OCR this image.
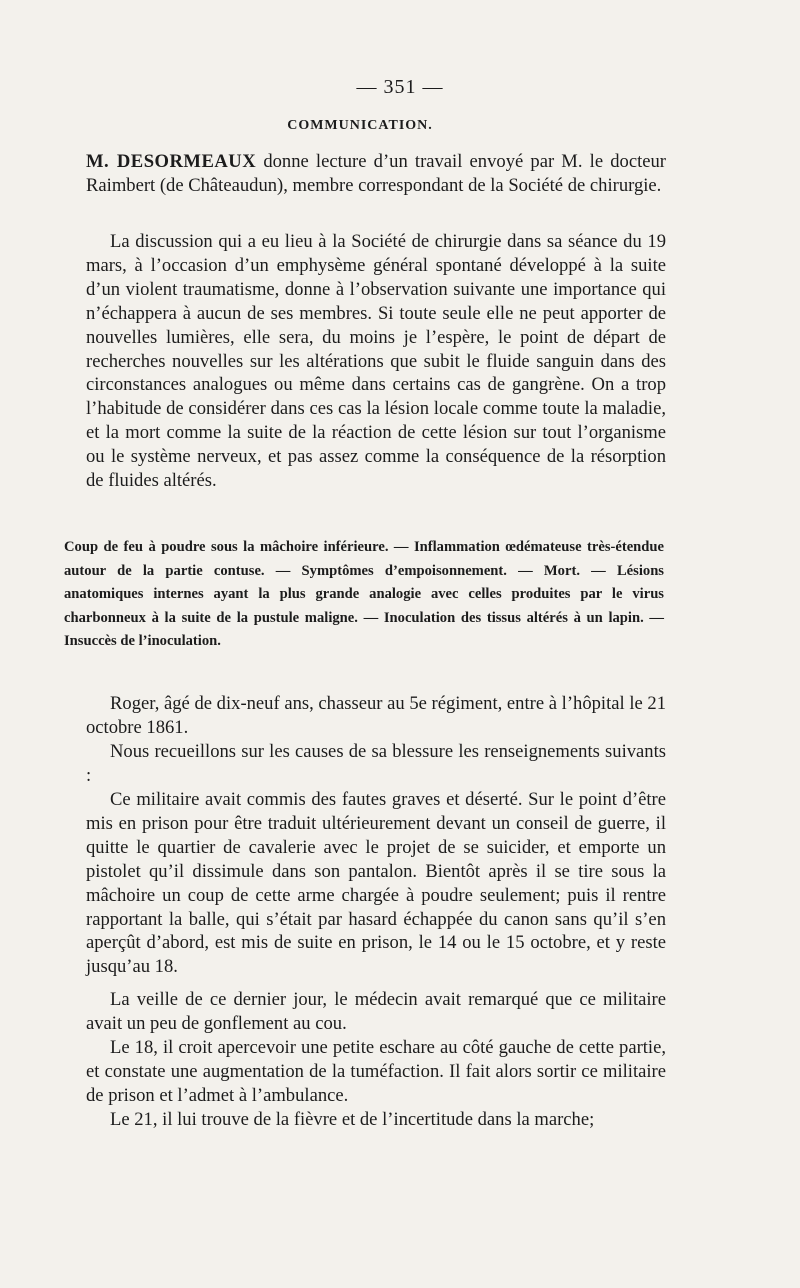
— 351 —
COMMUNICATION.
M. DESORMEAUX donne lecture d’un travail envoyé par M. le docteur Raimbert (de Châteaudun), membre correspondant de la Société de chirurgie.
La discussion qui a eu lieu à la Société de chirurgie dans sa séance du 19 mars, à l’occasion d’un emphysème général spontané développé à la suite d’un violent traumatisme, donne à l’observation suivante une importance qui n’échappera à aucun de ses membres. Si toute seule elle ne peut apporter de nouvelles lumières, elle sera, du moins je l’espère, le point de départ de recherches nouvelles sur les altérations que subit le fluide sanguin dans des circonstances analogues ou même dans certains cas de gangrène. On a trop l’habitude de considérer dans ces cas la lésion locale comme toute la maladie, et la mort comme la suite de la réaction de cette lésion sur tout l’organisme ou le système nerveux, et pas assez comme la conséquence de la résorption de fluides altérés.
Coup de feu à poudre sous la mâchoire inférieure. — Inflammation œdémateuse très-étendue autour de la partie contuse. — Symptômes d’empoisonnement. — Mort. — Lésions anatomiques internes ayant la plus grande analogie avec celles produites par le virus charbonneux à la suite de la pustule maligne. — Inoculation des tissus altérés à un lapin. — Insuccès de l’inoculation.
Roger, âgé de dix-neuf ans, chasseur au 5e régiment, entre à l’hôpital le 21 octobre 1861.
Nous recueillons sur les causes de sa blessure les renseignements suivants :
Ce militaire avait commis des fautes graves et déserté. Sur le point d’être mis en prison pour être traduit ultérieurement devant un conseil de guerre, il quitte le quartier de cavalerie avec le projet de se suicider, et emporte un pistolet qu’il dissimule dans son pantalon. Bientôt après il se tire sous la mâchoire un coup de cette arme chargée à poudre seulement; puis il rentre rapportant la balle, qui s’était par hasard échappée du canon sans qu’il s’en aperçût d’abord, est mis de suite en prison, le 14 ou le 15 octobre, et y reste jusqu’au 18.
La veille de ce dernier jour, le médecin avait remarqué que ce militaire avait un peu de gonflement au cou.
Le 18, il croit apercevoir une petite eschare au côté gauche de cette partie, et constate une augmentation de la tuméfaction. Il fait alors sortir ce militaire de prison et l’admet à l’ambulance.
Le 21, il lui trouve de la fièvre et de l’incertitude dans la marche;
